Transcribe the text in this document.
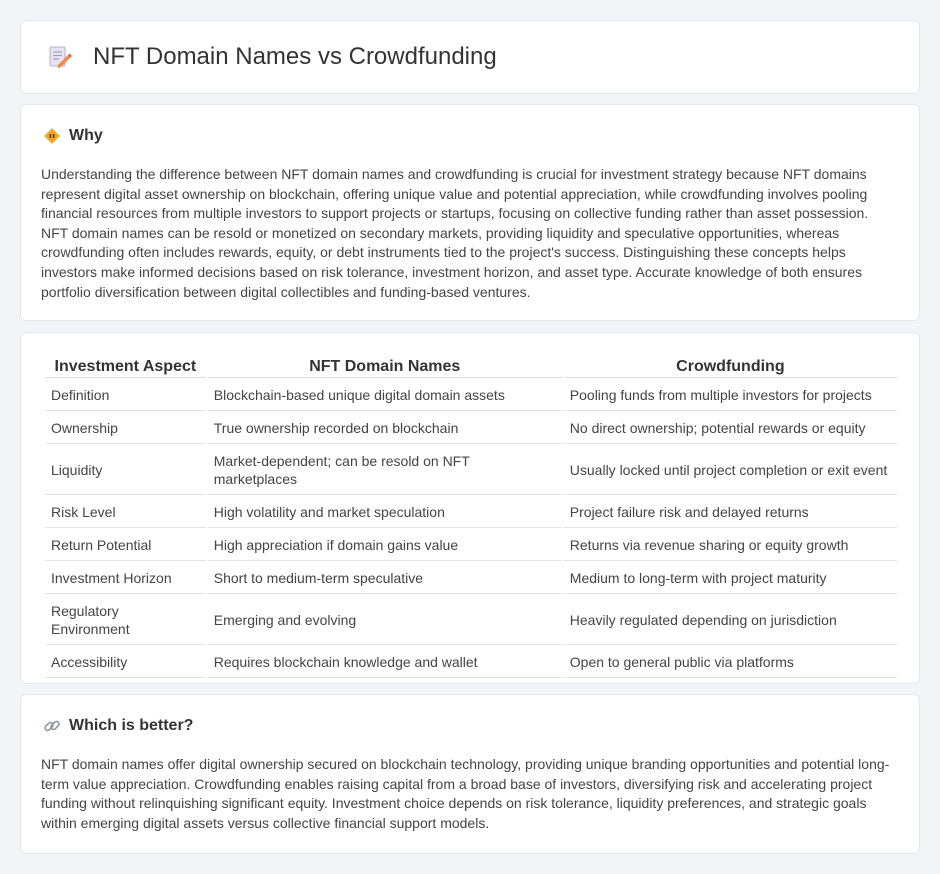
NFT Domain Names vs Crowdfunding
Why

Understanding the difference between NFT domain names and crowdfunding is crucial for investment strategy because NFT domains represent digital asset ownership on blockchain, offering unique value and potential appreciation, while crowdfunding involves pooling financial resources from multiple investors to support projects or startups, focusing on collective funding rather than asset possession. NFT domain names can be resold or monetized on secondary markets, providing liquidity and speculative opportunities, whereas crowdfunding often includes rewards, equity, or debt instruments tied to the project's success. Distinguishing these concepts helps investors make informed decisions based on risk tolerance, investment horizon, and asset type. Accurate knowledge of both ensures portfolio diversification between digital collectibles and funding-based ventures.

Investment Aspect	NFT Domain Names	Crowdfunding
Definition	Blockchain-based unique digital domain assets	Pooling funds from multiple investors for projects
Ownership	True ownership recorded on blockchain	No direct ownership; potential rewards or equity
Liquidity	Market-dependent; can be resold on NFT marketplaces	Usually locked until project completion or exit event
Risk Level	High volatility and market speculation	Project failure risk and delayed returns
Return Potential	High appreciation if domain gains value	Returns via revenue sharing or equity growth
Investment Horizon	Short to medium-term speculative	Medium to long-term with project maturity
Regulatory Environment	Emerging and evolving	Heavily regulated depending on jurisdiction
Accessibility	Requires blockchain knowledge and wallet	Open to general public via platforms
Which is better?

NFT domain names offer digital ownership secured on blockchain technology, providing unique branding opportunities and potential long-term value appreciation. Crowdfunding enables raising capital from a broad base of investors, diversifying risk and accelerating project funding without relinquishing significant equity. Investment choice depends on risk tolerance, liquidity preferences, and strategic goals within emerging digital assets versus collective financial support models.
